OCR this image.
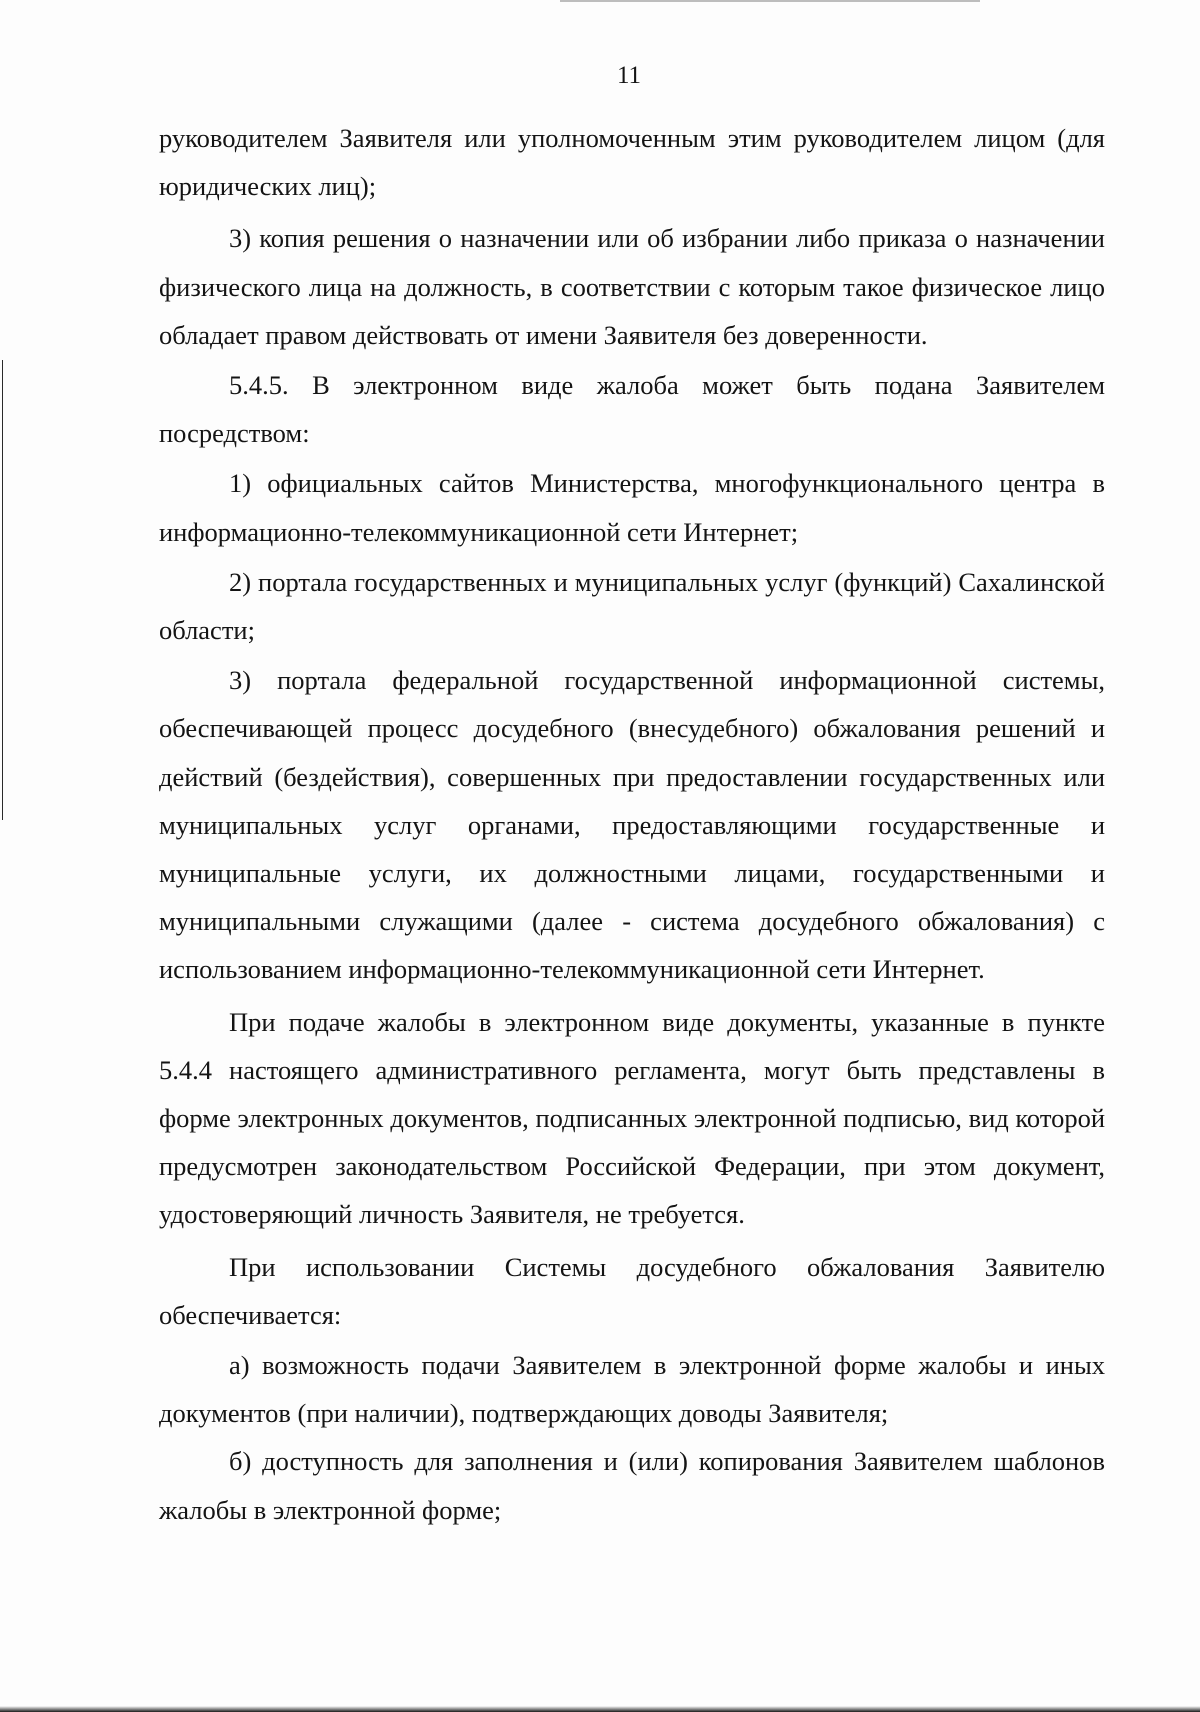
11

руководителем Заявителя или уполномоченным этим руководителем лицом (для юридических лиц);

3) копия решения о назначении или об избрании либо приказа о назначении физического лица на должность, в соответствии с которым такое физическое лицо обладает правом действовать от имени Заявителя без доверенности.

5.4.5. В электронном виде жалоба может быть подана Заявителем посредством:

1) официальных сайтов Министерства, многофункционального центра в информационно-телекоммуникационной сети Интернет;

2) портала государственных и муниципальных услуг (функций) Сахалинской области;

3) портала федеральной государственной информационной системы, обеспечивающей процесс досудебного (внесудебного) обжалования решений и действий (бездействия), совершенных при предоставлении государственных или муниципальных услуг органами, предоставляющими государственные и муниципальные услуги, их должностными лицами, государственными и муниципальными служащими (далее - система досудебного обжалования) с использованием информационно-телекоммуникационной сети Интернет.

При подаче жалобы в электронном виде документы, указанные в пункте 5.4.4 настоящего административного регламента, могут быть представлены в форме электронных документов, подписанных электронной подписью, вид которой предусмотрен законодательством Российской Федерации, при этом документ, удостоверяющий личность Заявителя, не требуется.

При использовании Системы досудебного обжалования Заявителю обеспечивается:

а) возможность подачи Заявителем в электронной форме жалобы и иных документов (при наличии), подтверждающих доводы Заявителя;

б) доступность для заполнения и (или) копирования Заявителем шаблонов жалобы в электронной форме;
